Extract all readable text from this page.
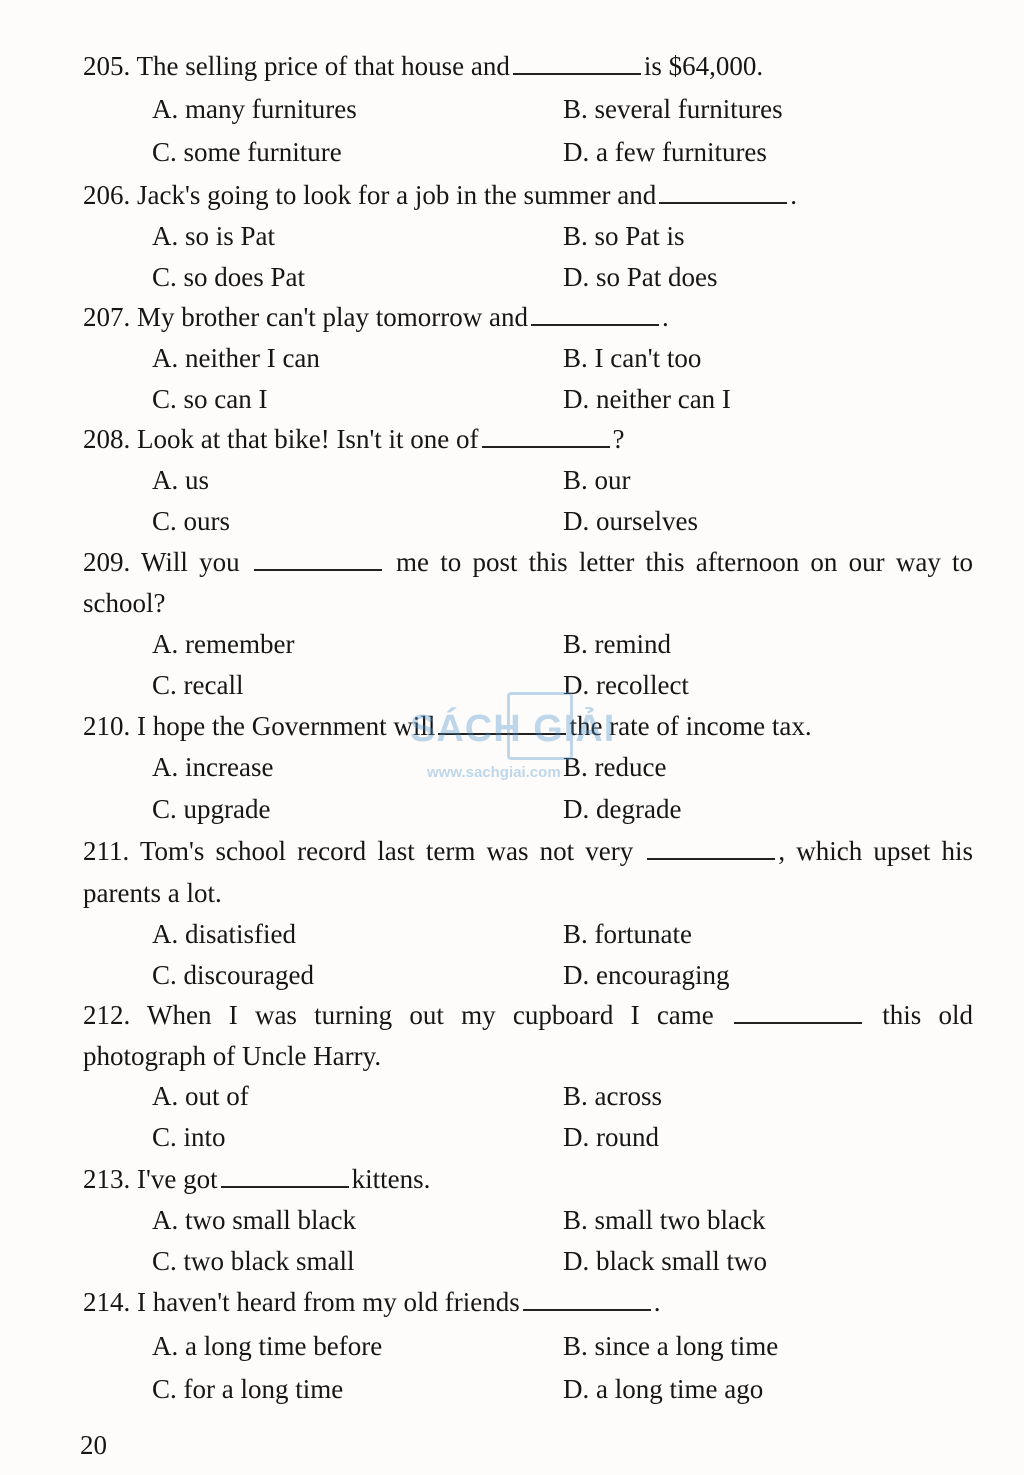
205. The selling price of that house and	is $64,000.
A. many furnitures	B. several furnitures
C. some furniture	D. a few furnitures
206. Jack's going to look for a job in the summer and	.
A. so is Pat	B. so Pat is
C. so does Pat	D. so Pat does
207. My brother can't play tomorrow and	.
A. neither I can	B. I can't too
C. so can I	D. neither can I
208. Look at that bike! Isn't it one of	?
A. us	B. our
C. ours	D. ourselves
209. Will you	me to post this letter this afternoon on our way to
school?
A. remember	B. remind
C. recall	D. recollect
210. I hope the Government will	the rate of income tax.
A. increase	B. reduce
C. upgrade	D. degrade
211. Tom's school record last term was not very	, which upset his
parents a lot.
A. disatisfied	B. fortunate
C. discouraged	D. encouraging
212. When I was turning out my cupboard I came	this old
photograph of Uncle Harry.
A. out of	B. across
C. into	D. round
213. I've got	kittens.
A. two small black	B. small two black
C. two black small	D. black small two
214. I haven't heard from my old friends	.
A. a long time before	B. since a long time
C. for a long time	D. a long time ago
20
SÁCH GIẢI
www.sachgiai.com
